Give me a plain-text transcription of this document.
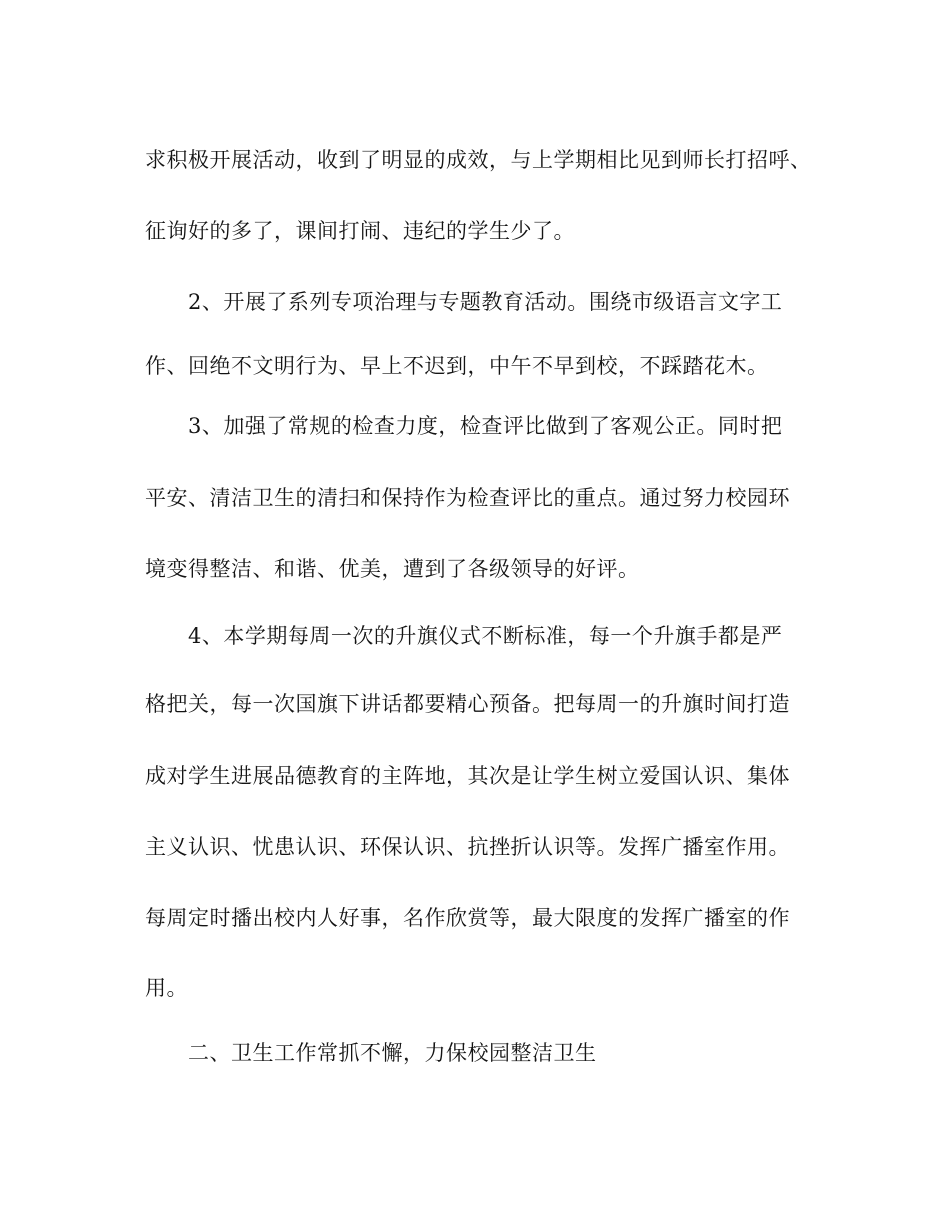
求积极开展活动，收到了明显的成效，与上学期相比见到师长打招呼、
征询好的多了，课间打闹、违纪的学生少了。
2、开展了系列专项治理与专题教育活动。围绕市级语言文字工
作、回绝不文明行为、早上不迟到，中午不早到校，不踩踏花木。
3、加强了常规的检查力度，检查评比做到了客观公正。同时把
平安、清洁卫生的清扫和保持作为检查评比的重点。通过努力校园环
境变得整洁、和谐、优美，遭到了各级领导的好评。
4、本学期每周一次的升旗仪式不断标准，每一个升旗手都是严
格把关，每一次国旗下讲话都要精心预备。把每周一的升旗时间打造
成对学生进展品德教育的主阵地，其次是让学生树立爱国认识、集体
主义认识、忧患认识、环保认识、抗挫折认识等。发挥广播室作用。
每周定时播出校内人好事，名作欣赏等，最大限度的发挥广播室的作
用。
二、卫生工作常抓不懈，力保校园整洁卫生
